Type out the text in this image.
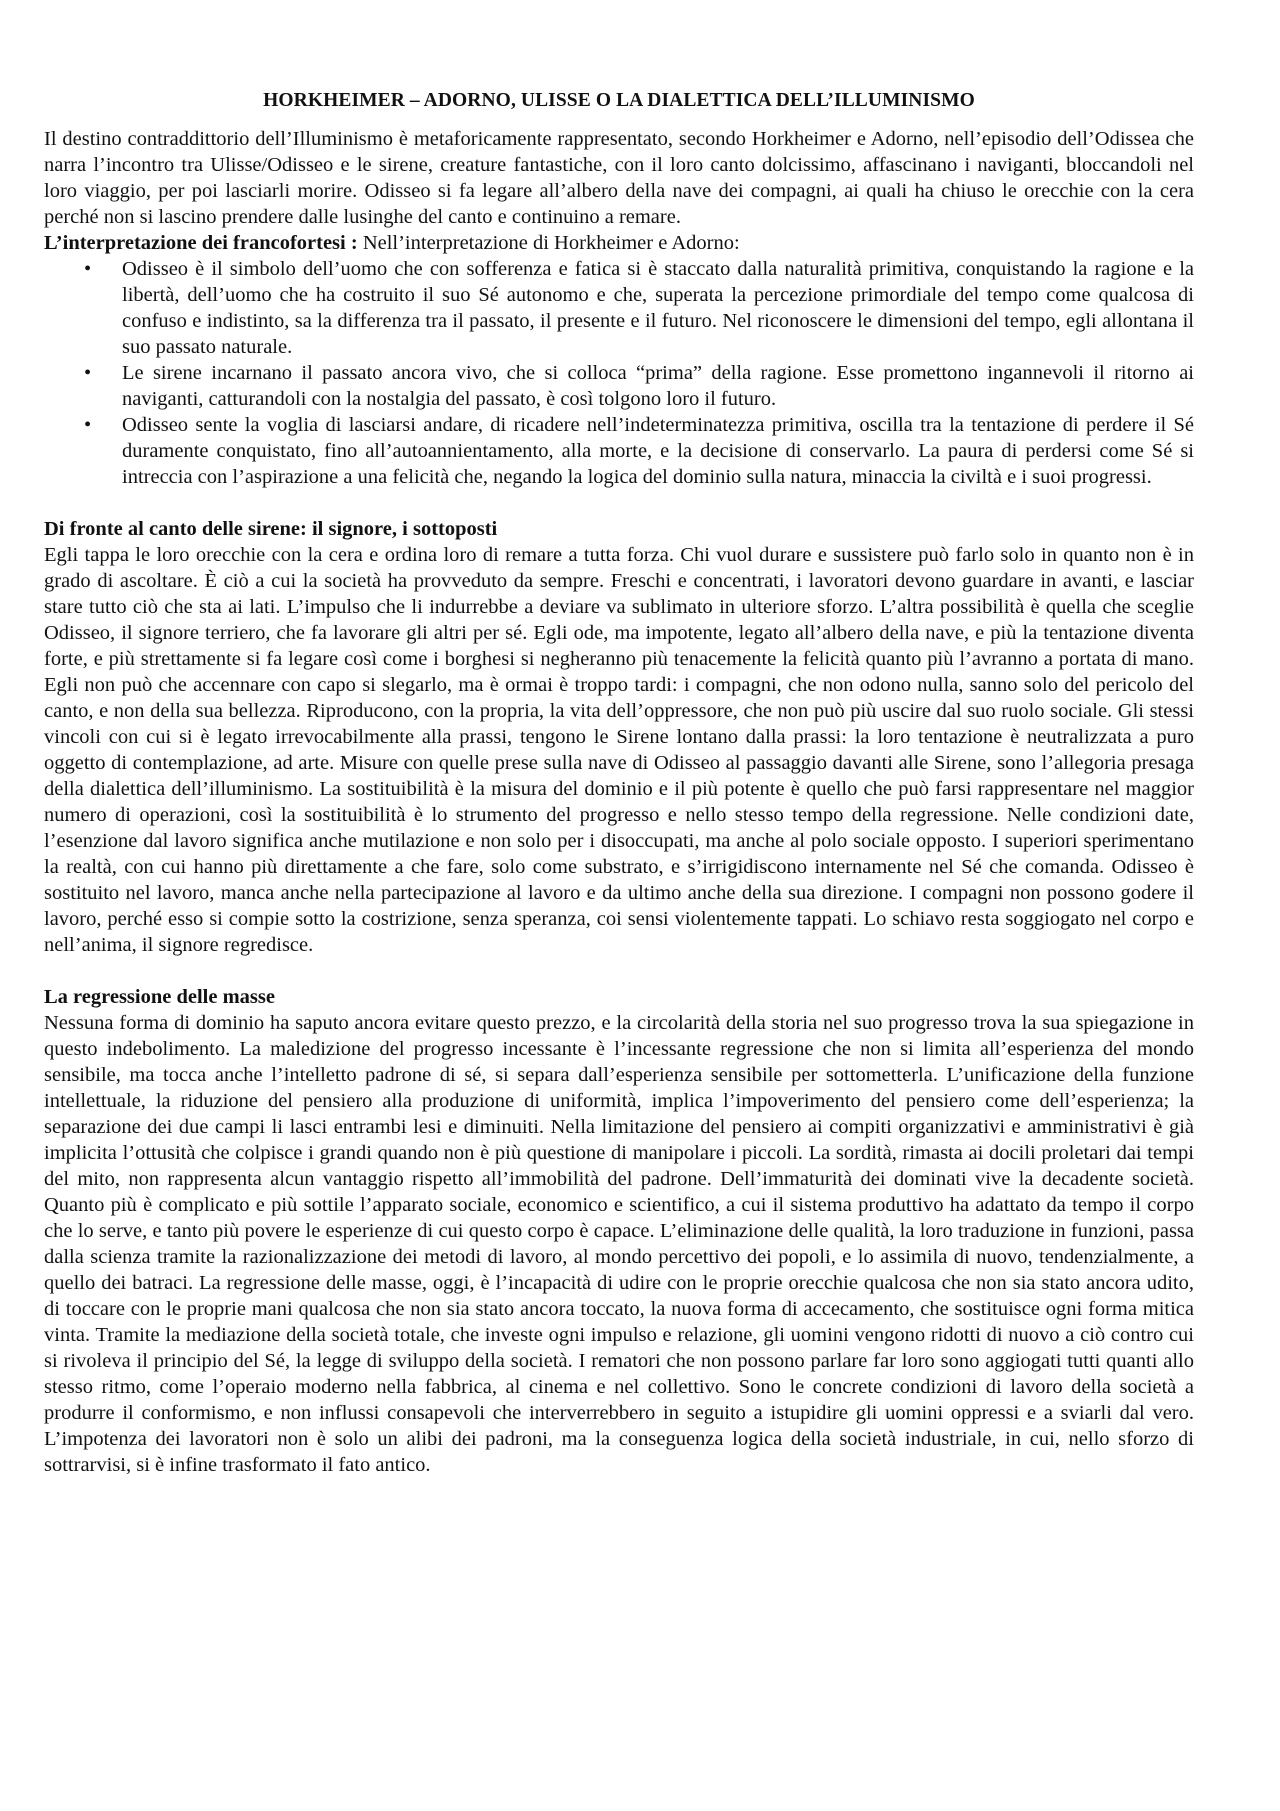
HORKHEIMER – ADORNO, ULISSE O LA DIALETTICA DELL’ILLUMINISMO

Il destino contraddittorio dell’Illuminismo è metaforicamente rappresentato, secondo Horkheimer e Adorno, nell’episodio dell’Odissea che narra l’incontro tra Ulisse/Odisseo e le sirene, creature fantastiche, con il loro canto dolcissimo, affascinano i naviganti, bloccandoli nel loro viaggio, per poi lasciarli morire. Odisseo si fa legare all’albero della nave dei compagni, ai quali ha chiuso le orecchie con la cera perché non si lascino prendere dalle lusinghe del canto e continuino a remare.

L’interpretazione dei francofortesi : Nell’interpretazione di Horkheimer e Adorno:
• Odisseo è il simbolo dell’uomo che con sofferenza e fatica si è staccato dalla naturalità primitiva, conquistando la ragione e la libertà, dell’uomo che ha costruito il suo Sé autonomo e che, superata la percezione primordiale del tempo come qualcosa di confuso e indistinto, sa la differenza tra il passato, il presente e il futuro. Nel riconoscere le dimensioni del tempo, egli allontana il suo passato naturale.
• Le sirene incarnano il passato ancora vivo, che si colloca “prima” della ragione. Esse promettono ingannevoli il ritorno ai naviganti, catturandoli con la nostalgia del passato, è così tolgono loro il futuro.
• Odisseo sente la voglia di lasciarsi andare, di ricadere nell’indeterminatezza primitiva, oscilla tra la tentazione di perdere il Sé duramente conquistato, fino all’autoannientamento, alla morte, e la decisione di conservarlo. La paura di perdersi come Sé si intreccia con l’aspirazione a una felicità che, negando la logica del dominio sulla natura, minaccia la civiltà e i suoi progressi.
Di fronte al canto delle sirene: il signore, i sottoposti

Egli tappa le loro orecchie con la cera e ordina loro di remare a tutta forza. Chi vuol durare e sussistere può farlo solo in quanto non è in grado di ascoltare. È ciò a cui la società ha provveduto da sempre. Freschi e concentrati, i lavoratori devono guardare in avanti, e lasciar stare tutto ciò che sta ai lati. L’impulso che li indurrebbe a deviare va sublimato in ulteriore sforzo. L’altra possibilità è quella che sceglie Odisseo, il signore terriero, che fa lavorare gli altri per sé. Egli ode, ma impotente, legato all’albero della nave, e più la tentazione diventa forte, e più strettamente si fa legare così come i borghesi si negheranno più tenacemente la felicità quanto più l’avranno a portata di mano. Egli non può che accennare con capo si slegarlo, ma è ormai è troppo tardi: i compagni, che non odono nulla, sanno solo del pericolo del canto, e non della sua bellezza. Riproducono, con la propria, la vita dell’oppressore, che non può più uscire dal suo ruolo sociale. Gli stessi vincoli con cui si è legato irrevocabilmente alla prassi, tengono le Sirene lontano dalla prassi: la loro tentazione è neutralizzata a puro oggetto di contemplazione, ad arte. Misure con quelle prese sulla nave di Odisseo al passaggio davanti alle Sirene, sono l’allegoria presaga della dialettica dell’illuminismo. La sostituibilità è la misura del dominio e il più potente è quello che può farsi rappresentare nel maggior numero di operazioni, così la sostituibilità è lo strumento del progresso e nello stesso tempo della regressione. Nelle condizioni date, l’esenzione dal lavoro significa anche mutilazione e non solo per i disoccupati, ma anche al polo sociale opposto. I superiori sperimentano la realtà, con cui hanno più direttamente a che fare, solo come substrato, e s’irrigidiscono internamente nel Sé che comanda. Odisseo è sostituito nel lavoro, manca anche nella partecipazione al lavoro e da ultimo anche della sua direzione. I compagni non possono godere il lavoro, perché esso si compie sotto la costrizione, senza speranza, coi sensi violentemente tappati. Lo schiavo resta soggiogato nel corpo e nell’anima, il signore regredisce.

La regressione delle masse

Nessuna forma di dominio ha saputo ancora evitare questo prezzo, e la circolarità della storia nel suo progresso trova la sua spiegazione in questo indebolimento. La maledizione del progresso incessante è l’incessante regressione che non si limita all’esperienza del mondo sensibile, ma tocca anche l’intelletto padrone di sé, si separa dall’esperienza sensibile per sottometterla. L’unificazione della funzione intellettuale, la riduzione del pensiero alla produzione di uniformità, implica l’impoverimento del pensiero come dell’esperienza; la separazione dei due campi li lasci entrambi lesi e diminuiti. Nella limitazione del pensiero ai compiti organizzativi e amministrativi è già implicita l’ottusità che colpisce i grandi quando non è più questione di manipolare i piccoli. La sordità, rimasta ai docili proletari dai tempi del mito, non rappresenta alcun vantaggio rispetto all’immobilità del padrone. Dell’immaturità dei dominati vive la decadente società. Quanto più è complicato e più sottile l’apparato sociale, economico e scientifico, a cui il sistema produttivo ha adattato da tempo il corpo che lo serve, e tanto più povere le esperienze di cui questo corpo è capace. L’eliminazione delle qualità, la loro traduzione in funzioni, passa dalla scienza tramite la razionalizzazione dei metodi di lavoro, al mondo percettivo dei popoli, e lo assimila di nuovo, tendenzialmente, a quello dei batraci. La regressione delle masse, oggi, è l’incapacità di udire con le proprie orecchie qualcosa che non sia stato ancora udito, di toccare con le proprie mani qualcosa che non sia stato ancora toccato, la nuova forma di accecamento, che sostituisce ogni forma mitica vinta. Tramite la mediazione della società totale, che investe ogni impulso e relazione, gli uomini vengono ridotti di nuovo a ciò contro cui si rivoleva il principio del Sé, la legge di sviluppo della società. I rematori che non possono parlare far loro sono aggiogati tutti quanti allo stesso ritmo, come l’operaio moderno nella fabbrica, al cinema e nel collettivo. Sono le concrete condizioni di lavoro della società a produrre il conformismo, e non influssi consapevoli che interverrebbero in seguito a istupidire gli uomini oppressi e a sviarli dal vero. L’impotenza dei lavoratori non è solo un alibi dei padroni, ma la conseguenza logica della società industriale, in cui, nello sforzo di sottrarvisi, si è infine trasformato il fato antico.
